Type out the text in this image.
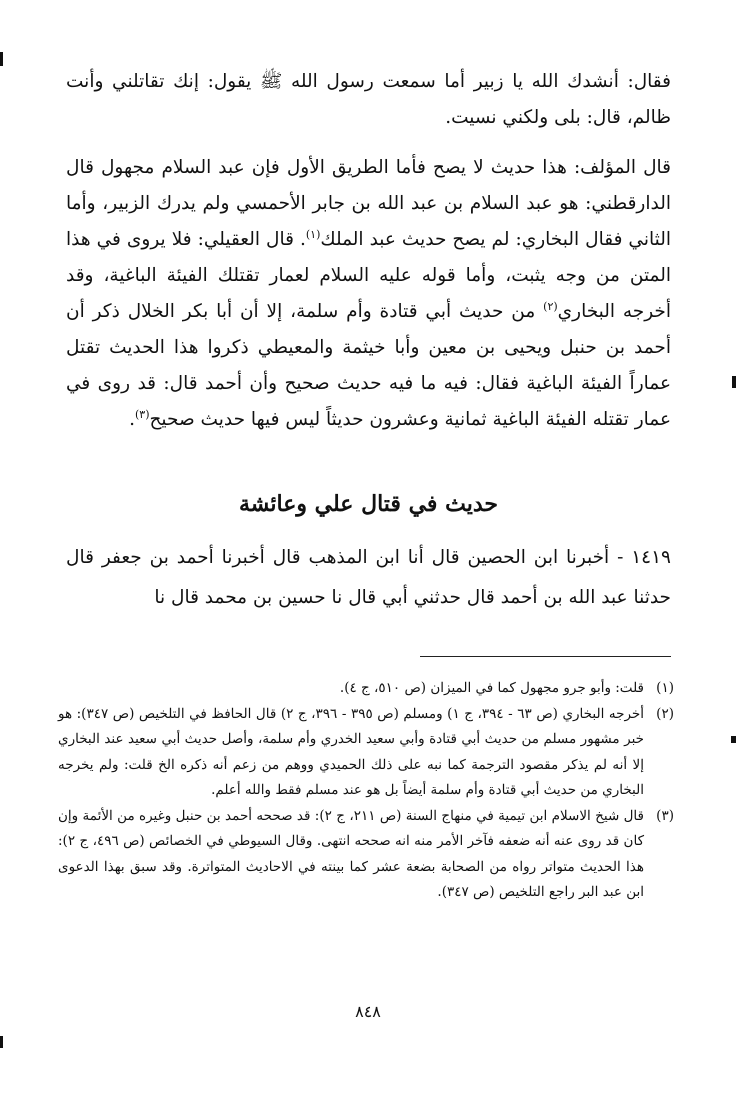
فقال: أنشدك الله يا زبير أما سمعت رسول الله ﷺ يقول: إنك تقاتلني وأنت ظالم، قال: بلى ولكني نسيت.

قال المؤلف: هذا حديث لا يصح فأما الطريق الأول فإن عبد السلام مجهول قال الدارقطني: هو عبد السلام بن عبد الله بن جابر الأحمسي ولم يدرك الزبير، وأما الثاني فقال البخاري: لم يصح حديث عبد الملك$^{(١)}$. قال العقيلي: فلا يروى في هذا المتن من وجه يثبت، وأما قوله عليه السلام لعمار تقتلك الفيئة الباغية، وقد أخرجه البخاري$^{(٢)}$ من حديث أبي قتادة وأم سلمة، إلا أن أبا بكر الخلال ذكر أن أحمد بن حنبل ويحيى بن معين وأبا خيثمة والمعيطي ذكروا هذا الحديث تقتل عماراً الفيئة الباغية فقال: فيه ما فيه حديث صحيح وأن أحمد قال: قد روى في عمار تقتله الفيئة الباغية ثمانية وعشرون حديثاً ليس فيها حديث صحيح$^{(٣)}$.

حديث في قتال علي وعائشة

١٤١٩ - أخبرنا ابن الحصين قال أنا ابن المذهب قال أخبرنا أحمد بن جعفر قال حدثنا عبد الله بن أحمد قال حدثني أبي قال نا حسين بن محمد قال نا

(١)
قلت: وأبو جرو مجهول كما في الميزان (ص ٥١٠، ج ٤).
(٢)
أخرجه البخاري (ص ٦٣ - ٣٩٤، ج ١) ومسلم (ص ٣٩٥ - ٣٩٦، ج ٢) قال الحافظ في التلخيص (ص ٣٤٧): هو خبر مشهور مسلم من حديث أبي قتادة وأبي سعيد الخدري وأم سلمة، وأصل حديث أبي سعيد عند البخاري إلا أنه لم يذكر مقصود الترجمة كما نبه على ذلك الحميدي ووهم من زعم أنه ذكره الخ قلت: ولم يخرجه البخاري من حديث أبي قتادة وأم سلمة أيضاً بل هو عند مسلم فقط والله أعلم.
(٣)
قال شيخ الاسلام ابن تيمية في منهاج السنة (ص ٢١١، ج ٢): قد صححه أحمد بن حنبل وغيره من الأئمة وإن كان قد روى عنه أنه ضعفه فآخر الأمر منه انه صححه انتهى. وقال السيوطي في الخصائص (ص ٤٩٦، ج ٢): هذا الحديث متواتر رواه من الصحابة بضعة عشر كما بينته في الاحاديث المتواترة. وقد سبق بهذا الدعوى ابن عبد البر راجع التلخيص (ص ٣٤٧).
٨٤٨
